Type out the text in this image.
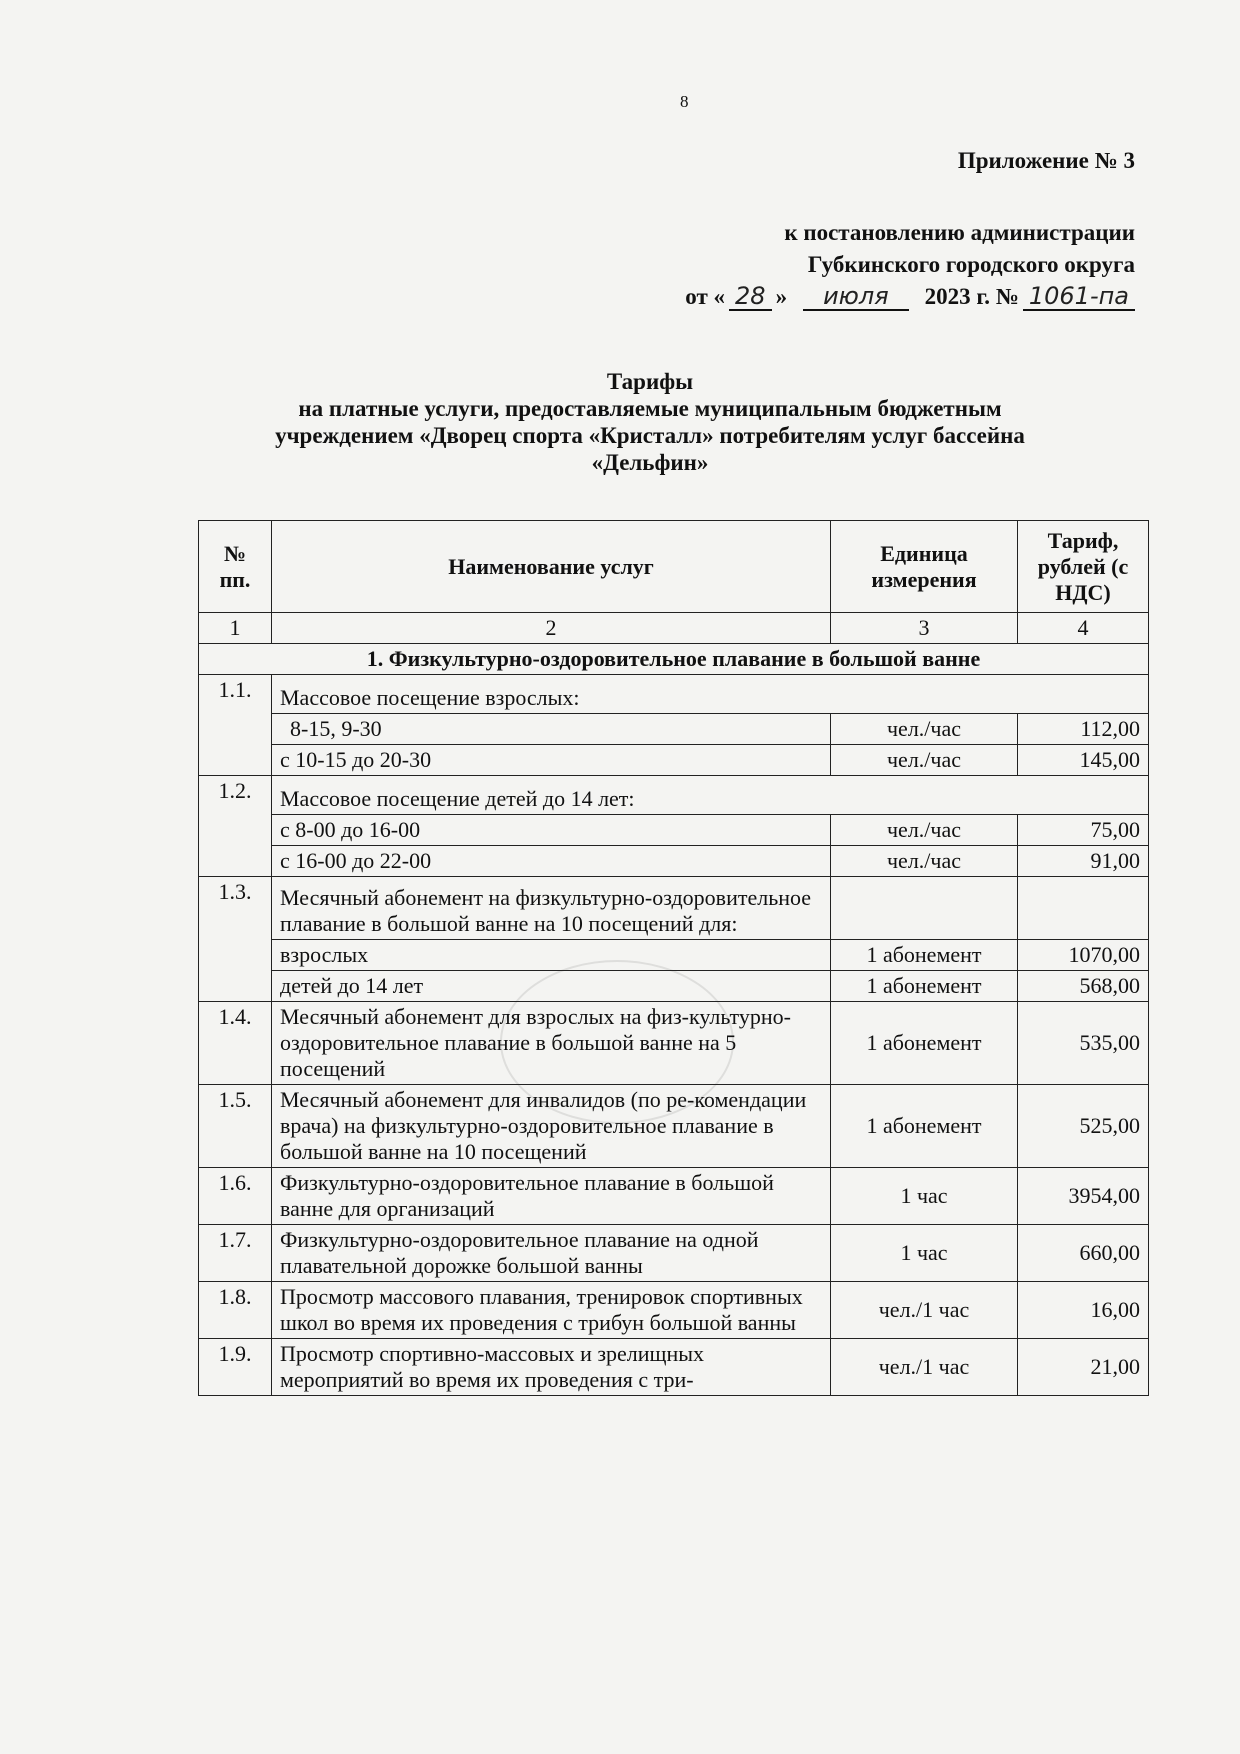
8
Приложение № 3
к постановлению администрации
Губкинского городского округа
от « 28 »	июля	2023 г. № 1061-па
Тарифы
на платные услуги, предоставляемые муниципальным бюджетным
учреждением «Дворец спорта «Кристалл» потребителям услуг бассейна
«Дельфин»
№ пп.	Наименование услуг	Единица измерения	Тариф, рублей (с НДС)
1	2	3	4
1. Физкультурно-оздоровительное плавание в большой ванне			
1.1.	Массовое посещение взрослых:		
	8-15, 9-30	чел./час	112,00
	с 10-15 до 20-30	чел./час	145,00
1.2.	Массовое посещение детей до 14 лет:		
	с 8-00 до 16-00	чел./час	75,00
	с 16-00 до 22-00	чел./час	91,00
1.3.	Месячный абонемент на физкультурно-оздоровительное плавание в большой ванне на 10 посещений для:		
	взрослых	1 абонемент	1070,00
	детей до 14 лет	1 абонемент	568,00
1.4.	Месячный абонемент для взрослых на физ-культурно-оздоровительное плавание в большой ванне на 5 посещений	1 абонемент	535,00
1.5.	Месячный абонемент для инвалидов (по ре-комендации врача) на физкультурно-оздоровительное плавание в большой ванне на 10 посещений	1 абонемент	525,00
1.6.	Физкультурно-оздоровительное плавание в большой ванне для организаций	1 час	3954,00
1.7.	Физкультурно-оздоровительное плавание на одной плавательной дорожке большой ванны	1 час	660,00
1.8.	Просмотр массового плавания, тренировок спортивных школ во время их проведения с трибун большой ванны	чел./1 час	16,00
1.9.	Просмотр спортивно-массовых и зрелищных мероприятий во время их проведения с три-	чел./1 час	21,00
